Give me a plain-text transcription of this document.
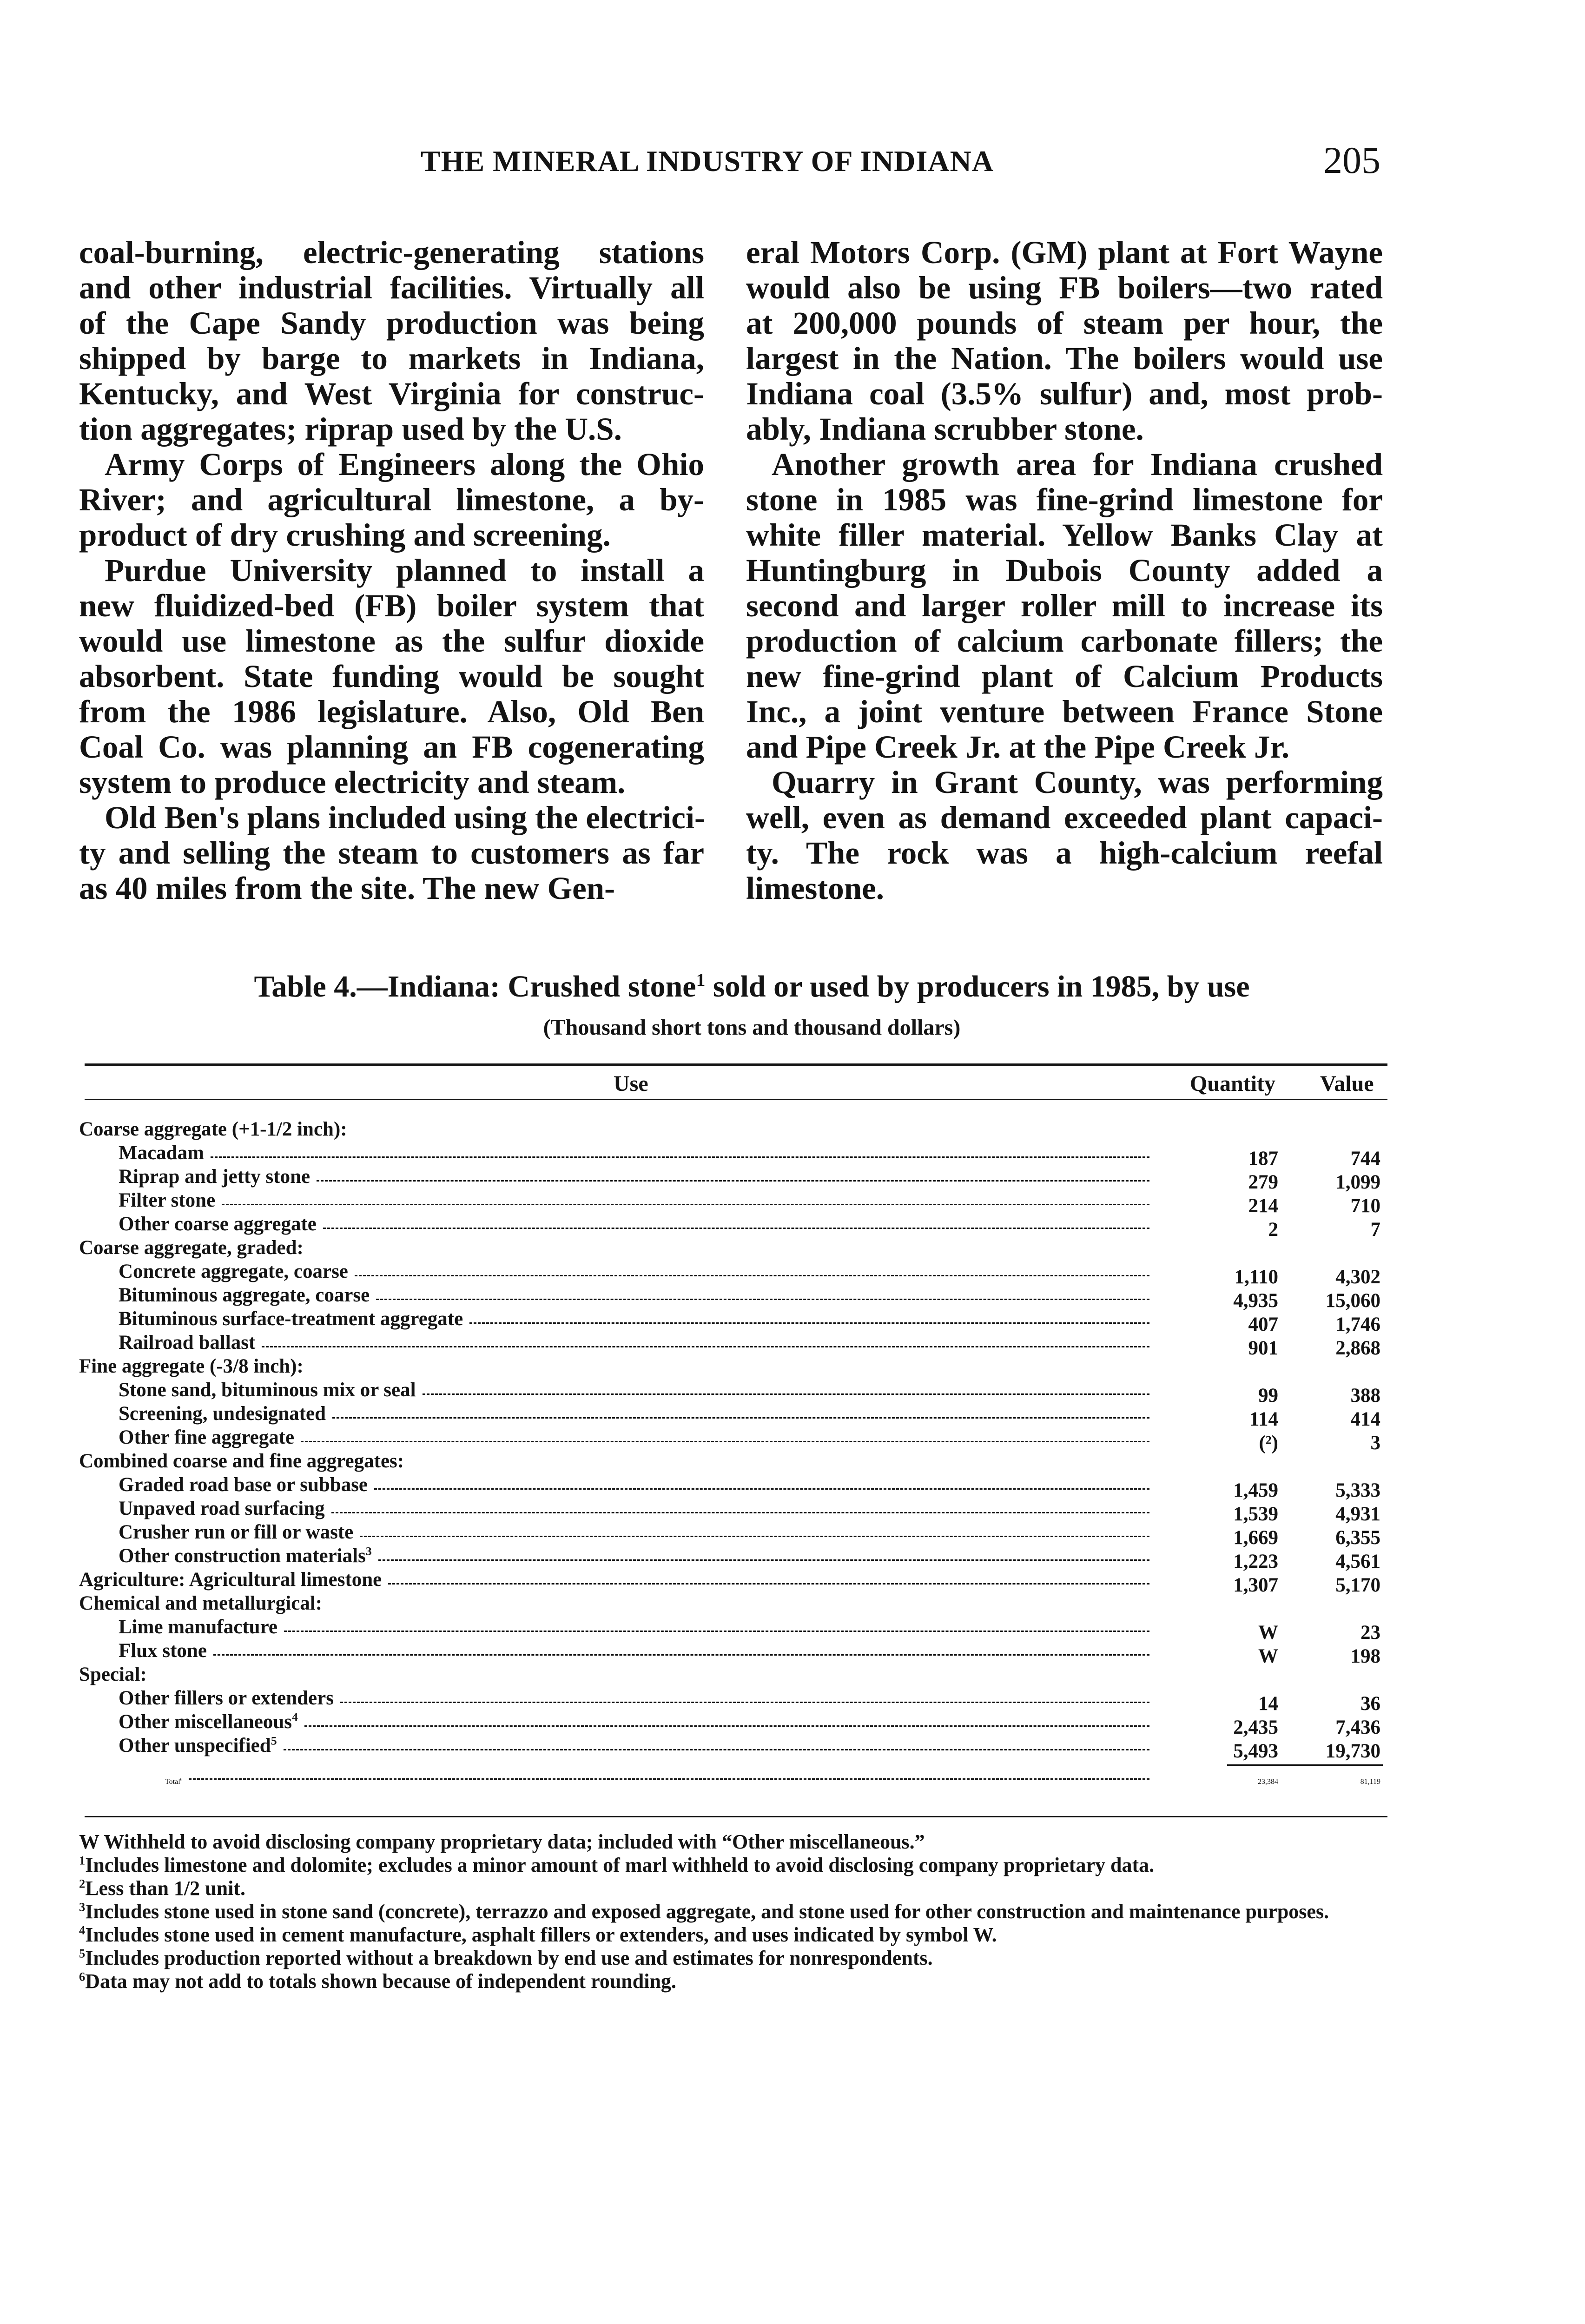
THE MINERAL INDUSTRY OF INDIANA	205
coal-burning, electric-generating stations
and other industrial facilities. Virtually all
of the Cape Sandy production was being
shipped by barge to markets in Indiana,
Kentucky, and West Virginia for construc-
tion aggregates; riprap used by the U.S.
Army Corps of Engineers along the Ohio
River; and agricultural limestone, a by-
product of dry crushing and screening.
Purdue University planned to install a
new fluidized-bed (FB) boiler system that
would use limestone as the sulfur dioxide
absorbent. State funding would be sought
from the 1986 legislature. Also, Old Ben
Coal Co. was planning an FB cogenerating
system to produce electricity and steam.
Old Ben's plans included using the electrici-
ty and selling the steam to customers as far
as 40 miles from the site. The new Gen-
eral Motors Corp. (GM) plant at Fort Wayne
would also be using FB boilers—two rated
at 200,000 pounds of steam per hour, the
largest in the Nation. The boilers would use
Indiana coal (3.5% sulfur) and, most prob-
ably, Indiana scrubber stone.
Another growth area for Indiana crushed
stone in 1985 was fine-grind limestone for
white filler material. Yellow Banks Clay at
Huntingburg in Dubois County added a
second and larger roller mill to increase its
production of calcium carbonate fillers; the
new fine-grind plant of Calcium Products
Inc., a joint venture between France Stone
and Pipe Creek Jr. at the Pipe Creek Jr.
Quarry in Grant County, was performing
well, even as demand exceeded plant capaci-
ty. The rock was a high-calcium reefal
limestone.
Table 4.—Indiana: Crushed stone$^1$ sold or used by producers in 1985, by use
(Thousand short tons and thousand dollars)
Use	Quantity Value
Coarse aggregate (+1-1/2 inch):
Macadam	187	744
Riprap and jetty stone	279	1,099
Filter stone	214	710
Other coarse aggregate	2	7
Coarse aggregate, graded:
Concrete aggregate, coarse	1,110	4,302
Bituminous aggregate, coarse	4,935	15,060
Bituminous surface-treatment aggregate	407	1,746
Railroad ballast	901	2,868
Fine aggregate (-3/8 inch):
Stone sand, bituminous mix or seal	99	388
Screening, undesignated	114	414
Other fine aggregate	(²)	3
Combined coarse and fine aggregates:
Graded road base or subbase	1,459	5,333
Unpaved road surfacing	1,539	4,931
Crusher run or fill or waste	1,669	6,355
Other construction materials$^3$	1,223	4,561
Agriculture: Agricultural limestone	1,307	5,170
Chemical and metallurgical:
Lime manufacture	W	23
Flux stone	W	198
Special:
Other fillers or extenders	14	36
Other miscellaneous$^4$	2,435	7,436
Other unspecified$^5$	5,493	19,730
Total$^6$	23,384	81,119
W Withheld to avoid disclosing company proprietary data; included with “Other miscellaneous.”
$^1$Includes limestone and dolomite; excludes a minor amount of marl withheld to avoid disclosing company proprietary data.
$^2$Less than 1/2 unit.
$^3$Includes stone used in stone sand (concrete), terrazzo and exposed aggregate, and stone used for other construction and maintenance purposes.
$^4$Includes stone used in cement manufacture, asphalt fillers or extenders, and uses indicated by symbol W.
$^5$Includes production reported without a breakdown by end use and estimates for nonrespondents.
$^6$Data may not add to totals shown because of independent rounding.
